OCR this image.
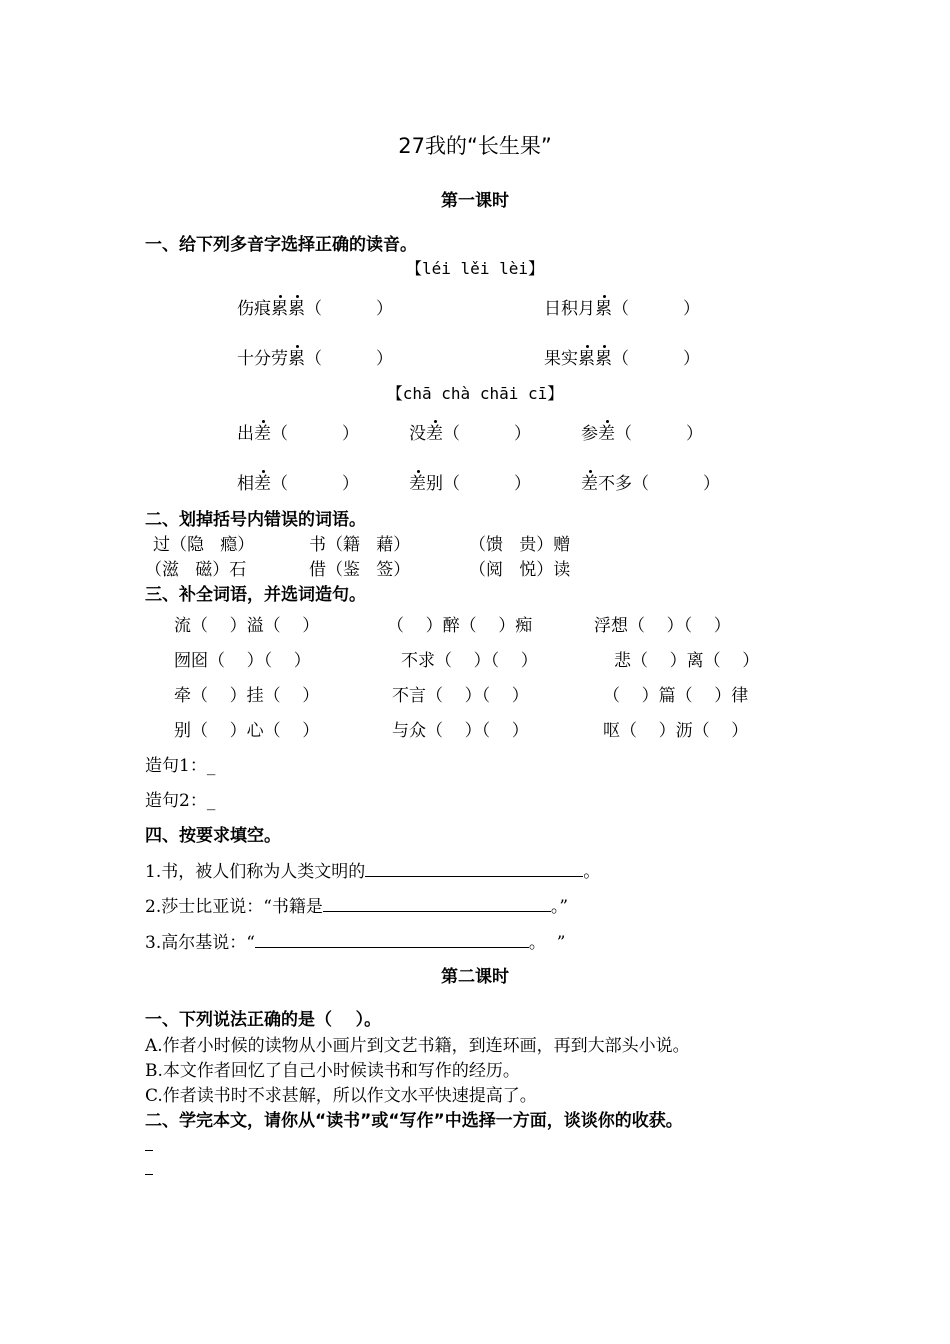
27我的“长生果”
第一课时
一、给下列多音字选择正确的读音。
【léi lěi lèi】
伤痕累累（          ）	日积月累（          ）
十分劳累（          ）	果实累累（          ）
【chā chà chāi cī】
出差（          ）	没差（          ）	参差（          ）
相差（          ）	差别（          ）	差不多（          ）
二、划掉括号内错误的词语。
过（隐   瘾）	书（籍   藉）	（馈   贵）赠
（滋   磁）石	借（鉴   签）	（阅   悦）读
三、补全词语，并选词造句。
流（    ）溢（    ）	（    ）醉（    ）痴	浮想（    ）（    ）
囫囵（    ）（    ）	不求（    ）（    ）	悲（    ）离（    ）
牵（    ）挂（    ）	不言（    ）（    ）	（    ）篇（    ）律
别（    ）心（    ）	与众（    ）（    ）	呕（    ）沥（    ）
造句1：_
造句2：_
四、按要求填空。
1.书，被人们称为人类文明的	。
2.莎士比亚说：“书籍是	。”
3.高尔基说：“	。  ”
第二课时
一、下列说法正确的是（    ）。
A.作者小时候的读物从小画片到文艺书籍，到连环画，再到大部头小说。
B.本文作者回忆了自己小时候读书和写作的经历。
C.作者读书时不求甚解，所以作文水平快速提高了。
二、学完本文，请你从“读书”或“写作”中选择一方面，谈谈你的收获。
